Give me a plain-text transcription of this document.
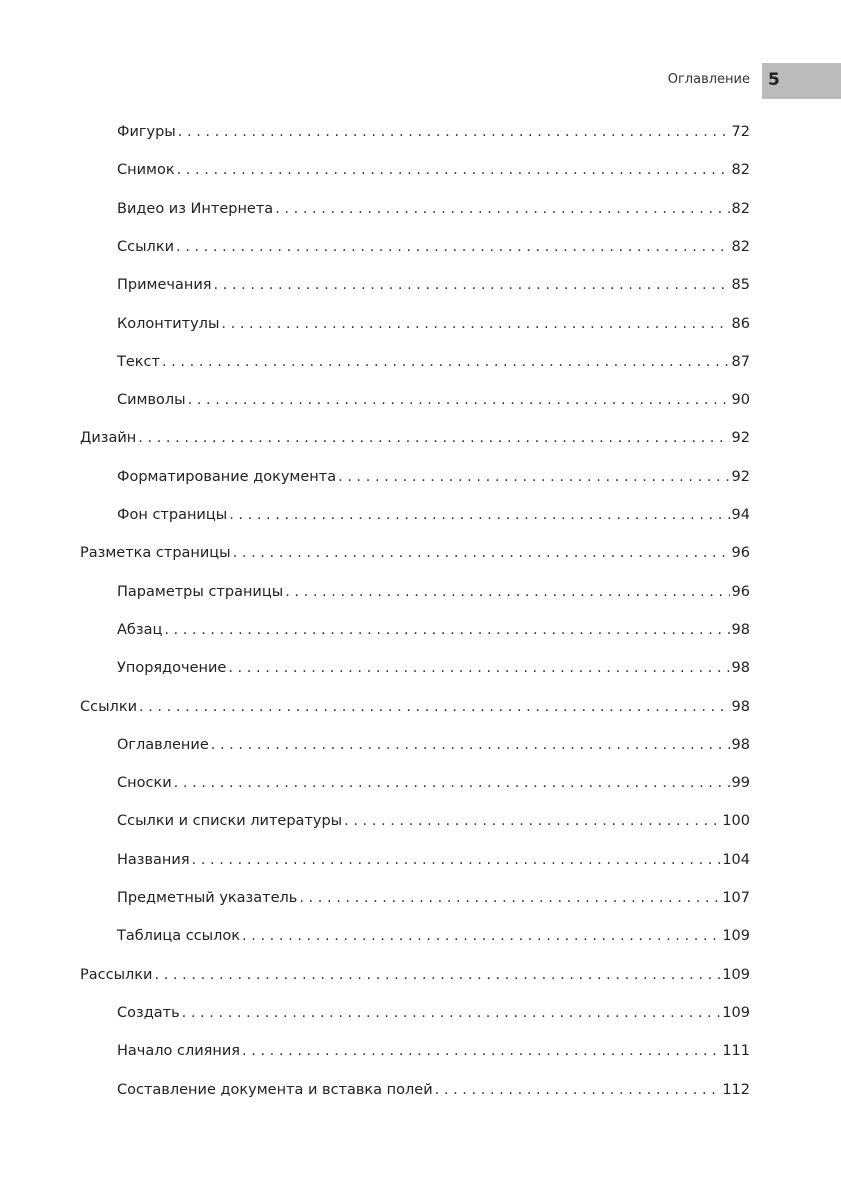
Оглавление 5
Фигуры . . .	72
Снимок . . .	82
Видео из Интернета . . .	82
Ссылки . . .	82
Примечания . . .	85
Колонтитулы . . .	86
Текст . . .	87
Символы . . .	90
Дизайн . . .	92
Форматирование документа . . .	92
Фон страницы . . .	94
Разметка страницы . . .	96
Параметры страницы . . .	96
Абзац . . .	98
Упорядочение . . .	98
Ссылки . . .	98
Оглавление . . .	98
Сноски . . .	99
Ссылки и списки литературы . . .	100
Названия . . .	104
Предметный указатель . . .	107
Таблица ссылок . . .	109
Рассылки . . .	109
Создать . . .	109
Начало слияния . . .	111
Составление документа и вставка полей . . .	112
